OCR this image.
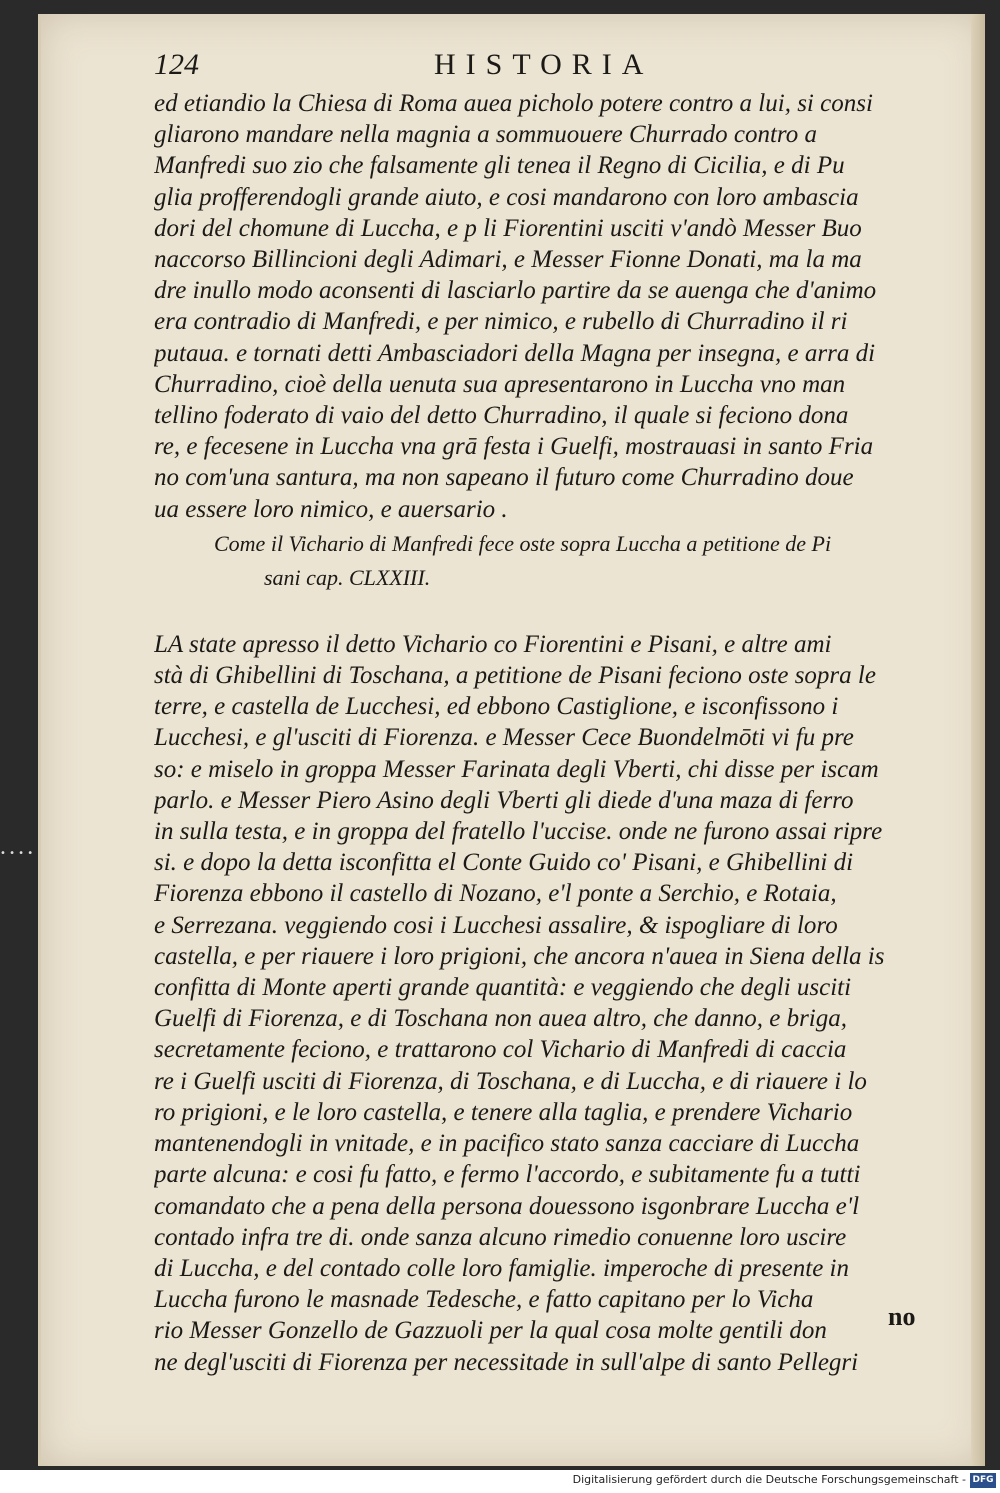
• • • •
124	HISTORIA
ed etiandio la Chiesa di Roma auea picholo potere contro a lui, si consi
gliarono mandare nella magnia a sommuouere Churrado contro a
Manfredi suo zio che falsamente gli tenea il Regno di Cicilia, e di Pu
glia profferendogli grande aiuto, e cosi mandarono con loro ambascia
dori del chomune di Luccha, e p li Fiorentini usciti v'andò Messer Buo
naccorso Billincioni degli Adimari, e Messer Fionne Donati, ma la ma
dre inullo modo aconsenti di lasciarlo partire da se auenga che d'animo
era contradio di Manfredi, e per nimico, e rubello di Churradino il ri
putaua. e tornati detti Ambasciadori della Magna per insegna, e arra di
Churradino, cioè della uenuta sua apresentarono in Luccha vno man
tellino foderato di vaio del detto Churradino, il quale si feciono dona
re, e fecesene in Luccha vna grā festa i Guelfi, mostrauasi in santo Fria
no com'una santura, ma non sapeano il futuro come Churradino doue
ua essere loro nimico, e auersario .
Come il Vichario di Manfredi fece oste sopra Luccha a petitione de Pi
sani cap. CLXXIII.
LA state apresso il detto Vichario co Fiorentini e Pisani, e altre ami
stà di Ghibellini di Toschana, a petitione de Pisani feciono oste sopra le
terre, e castella de Lucchesi, ed ebbono Castiglione, e isconfissono i
Lucchesi, e gl'usciti di Fiorenza. e Messer Cece Buondelmōti vi fu pre
so: e miselo in groppa Messer Farinata degli Vberti, chi disse per iscam
parlo. e Messer Piero Asino degli Vberti gli diede d'una maza di ferro
in sulla testa, e in groppa del fratello l'uccise. onde ne furono assai ripre
si. e dopo la detta isconfitta el Conte Guido co' Pisani, e Ghibellini di
Fiorenza ebbono il castello di Nozano, e'l ponte a Serchio, e Rotaia,
e Serrezana. veggiendo cosi i Lucchesi assalire, & ispogliare di loro
castella, e per riauere i loro prigioni, che ancora n'auea in Siena della is
confitta di Monte aperti grande quantità: e veggiendo che degli usciti
Guelfi di Fiorenza, e di Toschana non auea altro, che danno, e briga,
secretamente feciono, e trattarono col Vichario di Manfredi di caccia
re i Guelfi usciti di Fiorenza, di Toschana, e di Luccha, e di riauere i lo
ro prigioni, e le loro castella, e tenere alla taglia, e prendere Vichario
mantenendogli in vnitade, e in pacifico stato sanza cacciare di Luccha
parte alcuna: e cosi fu fatto, e fermo l'accordo, e subitamente fu a tutti
comandato che a pena della persona douessono isgonbrare Luccha e'l
contado infra tre di. onde sanza alcuno rimedio conuenne loro uscire
di Luccha, e del contado colle loro famiglie. imperoche di presente in
Luccha furono le masnade Tedesche, e fatto capitano per lo Vicha
rio Messer Gonzello de Gazzuoli per la qual cosa molte gentili don
ne degl'usciti di Fiorenza per necessitade in sull'alpe di santo Pellegri
no
Digitalisierung gefördert durch die Deutsche Forschungsgemeinschaft - DFG
